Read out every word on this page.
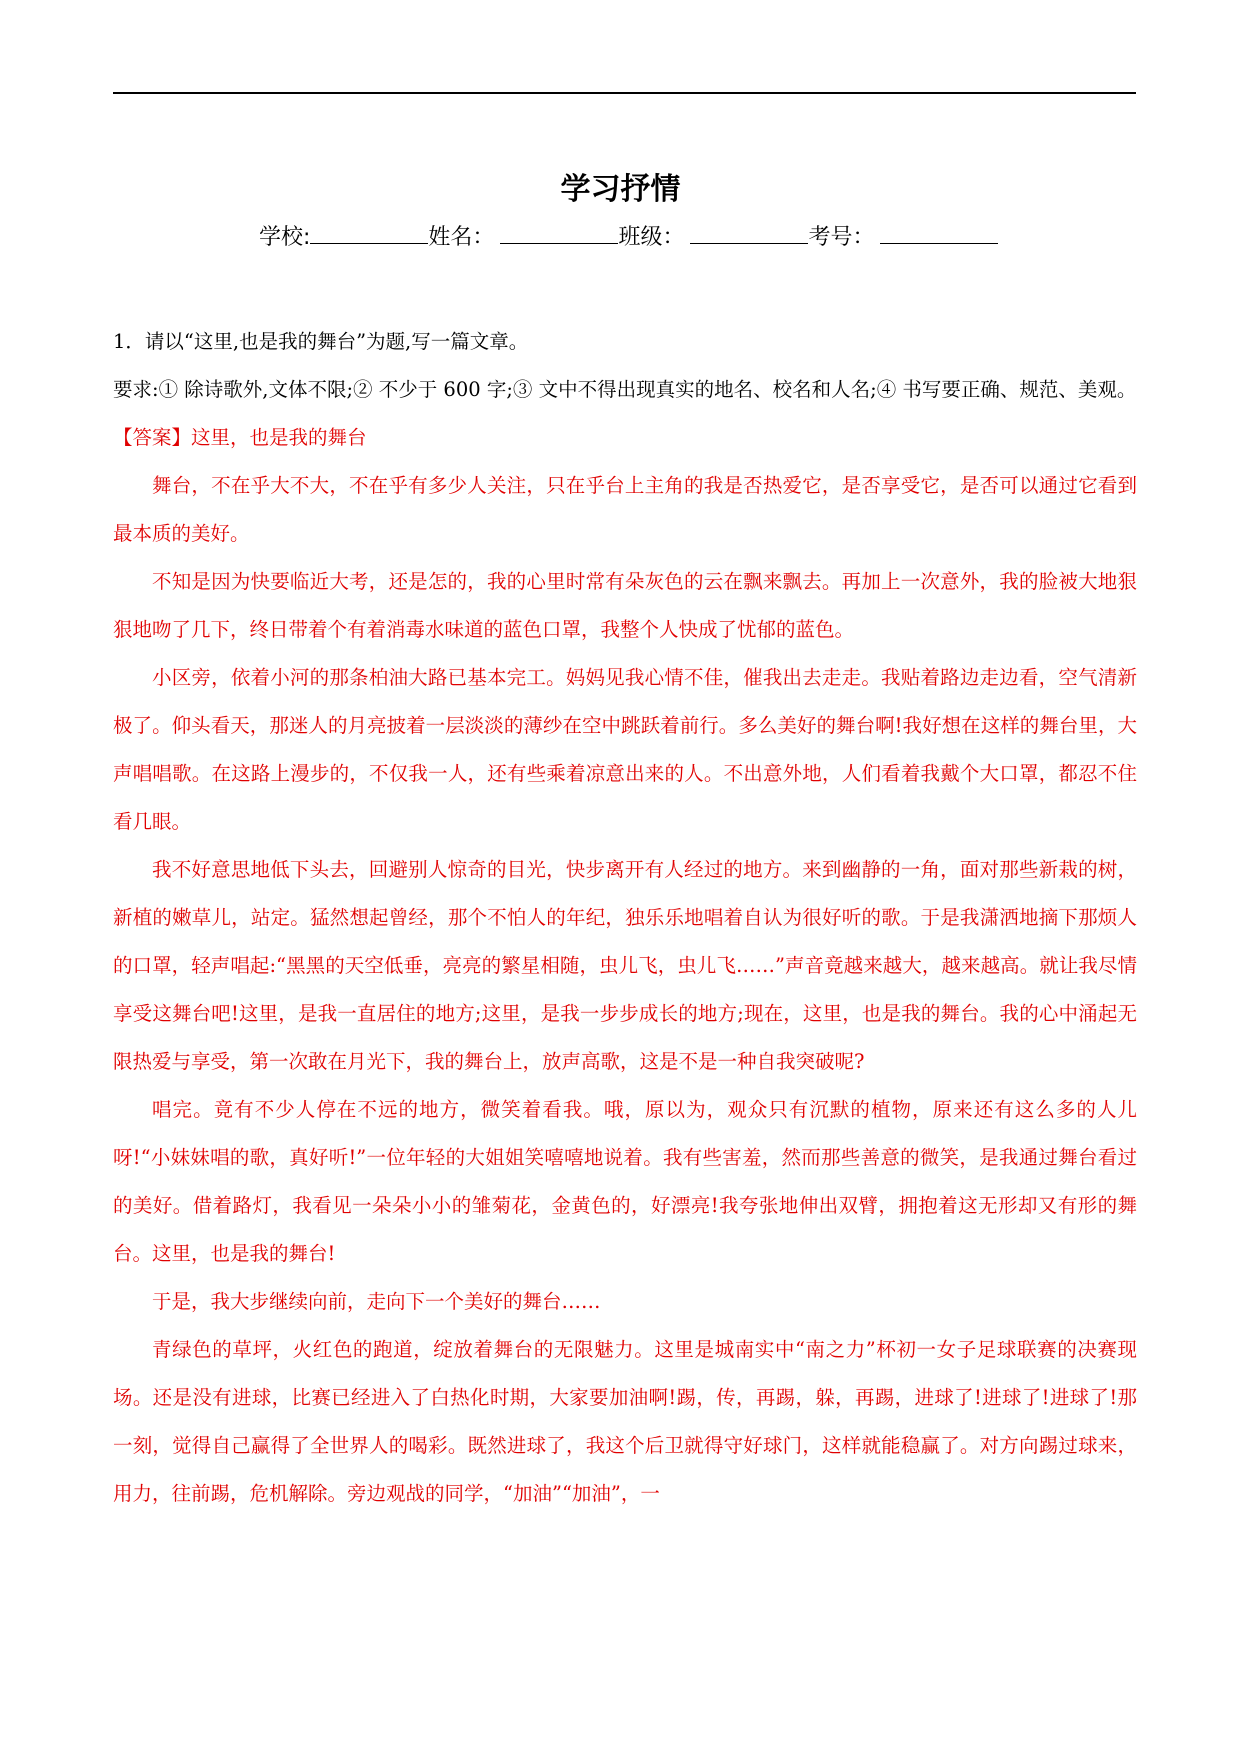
学习抒情
学校:	姓名：	班级：	考号：

1．请以“这里,也是我的舞台”为题,写一篇文章。

要求:① 除诗歌外,文体不限;② 不少于 600 字;③ 文中不得出现真实的地名、校名和人名;④ 书写要正确、规范、美观。

【答案】这里，也是我的舞台

舞台，不在乎大不大，不在乎有多少人关注，只在乎台上主角的我是否热爱它，是否享受它，是否可以通过它看到最本质的美好。

不知是因为快要临近大考，还是怎的，我的心里时常有朵灰色的云在飘来飘去。再加上一次意外，我的脸被大地狠狠地吻了几下，终日带着个有着消毒水味道的蓝色口罩，我整个人快成了忧郁的蓝色。

小区旁，依着小河的那条柏油大路已基本完工。妈妈见我心情不佳，催我出去走走。我贴着路边走边看，空气清新极了。仰头看天，那迷人的月亮披着一层淡淡的薄纱在空中跳跃着前行。多么美好的舞台啊!我好想在这样的舞台里，大声唱唱歌。在这路上漫步的，不仅我一人，还有些乘着凉意出来的人。不出意外地，人们看着我戴个大口罩，都忍不住看几眼。

我不好意思地低下头去，回避别人惊奇的目光，快步离开有人经过的地方。来到幽静的一角，面对那些新栽的树，新植的嫩草儿，站定。猛然想起曾经，那个不怕人的年纪，独乐乐地唱着自认为很好听的歌。于是我潇洒地摘下那烦人的口罩，轻声唱起:“黑黑的天空低垂，亮亮的繁星相随，虫儿飞，虫儿飞……”声音竟越来越大，越来越高。就让我尽情享受这舞台吧!这里，是我一直居住的地方;这里，是我一步步成长的地方;现在，这里，也是我的舞台。我的心中涌起无限热爱与享受，第一次敢在月光下，我的舞台上，放声高歌，这是不是一种自我突破呢?

唱完。竟有不少人停在不远的地方，微笑着看我。哦，原以为，观众只有沉默的植物，原来还有这么多的人儿呀!“小妹妹唱的歌，真好听!”一位年轻的大姐姐笑嘻嘻地说着。我有些害羞，然而那些善意的微笑，是我通过舞台看过的美好。借着路灯，我看见一朵朵小小的雏菊花，金黄色的，好漂亮!我夸张地伸出双臂，拥抱着这无形却又有形的舞台。这里，也是我的舞台!

于是，我大步继续向前，走向下一个美好的舞台……

青绿色的草坪，火红色的跑道，绽放着舞台的无限魅力。这里是城南实中“南之力”杯初一女子足球联赛的决赛现场。还是没有进球，比赛已经进入了白热化时期，大家要加油啊!踢，传，再踢，躲，再踢，进球了!进球了!进球了!那一刻，觉得自己赢得了全世界人的喝彩。既然进球了，我这个后卫就得守好球门，这样就能稳赢了。对方向踢过球来，用力，往前踢，危机解除。旁边观战的同学，“加油”“加油”，一
